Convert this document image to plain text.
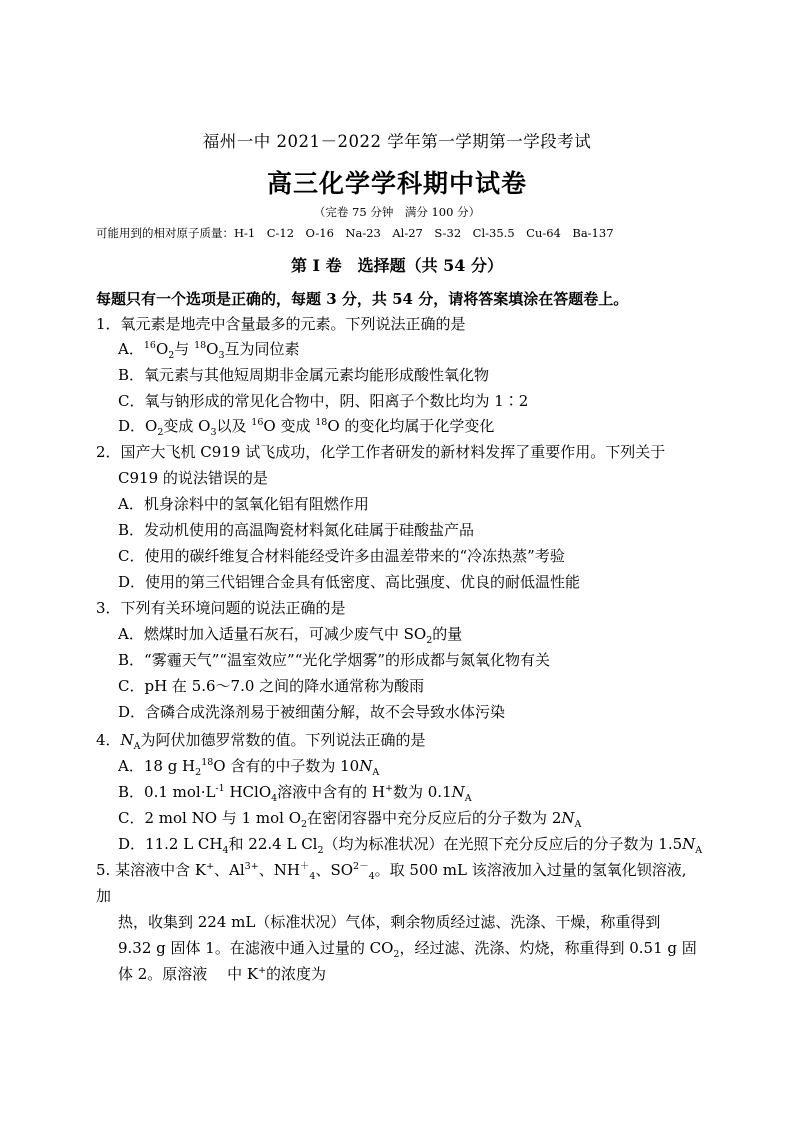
福州一中 2021－2022 学年第一学期第一学段考试
高三化学学科期中试卷
（完卷 75 分钟　满分 100 分）
可能用到的相对原子质量：H-1　C-12　O-16　Na-23　Al-27　S-32　Cl-35.5　Cu-64　Ba-137
第 I 卷　选择题（共 54 分）
每题只有一个选项是正确的，每题 3 分，共 54 分，请将答案填涂在答题卷上。
1．氧元素是地壳中含量最多的元素。下列说法正确的是
A．$^{16}O_2$与 $^{18}O_3$互为同位素
B．氧元素与其他短周期非金属元素均能形成酸性氧化物
C．氧与钠形成的常见化合物中，阴、阳离子个数比均为 1∶2
D．$O_2$变成 $O_3$以及 $^{16}$O 变成 $^{18}$O 的变化均属于化学变化
2．国产大飞机 C919 试飞成功，化学工作者研发的新材料发挥了重要作用。下列关于
C919 的说法错误的是
A．机身涂料中的氢氧化铝有阻燃作用
B．发动机使用的高温陶瓷材料氮化硅属于硅酸盐产品
C．使用的碳纤维复合材料能经受许多由温差带来的“冷冻热蒸”考验
D．使用的第三代铝锂合金具有低密度、高比强度、优良的耐低温性能
3．下列有关环境问题的说法正确的是
A．燃煤时加入适量石灰石，可减少废气中 $SO_2$的量
B．“雾霾天气”“温室效应”“光化学烟雾”的形成都与氮氧化物有关
C．pH 在 5.6～7.0 之间的降水通常称为酸雨
D．含磷合成洗涤剂易于被细菌分解，故不会导致水体污染
4．$N_A$为阿伏加德罗常数的值。下列说法正确的是
A．18 g $H_2^{18}O$ 含有的中子数为 $10N_A$
B．0.1 $mol\cdot L^{-1}$ HClO$_4$溶液中含有的 H+数为 $0.1N_A$
C．2 mol NO 与 1 mol $O_2$在密闭容器中充分反应后的分子数为 $2N_A$
D．11.2 L $CH_4$和 22.4 L $Cl_2$（均为标准状况）在光照下充分反应后的分子数为 $1.5N_A$
5. 某溶液中含 K+、$Al^{3+}$、$NH^+_4$、$SO^{2-}_4$。取 500 mL 该溶液加入过量的氢氧化钡溶液,
加
热，收集到 224 mL（标准状况）气体，剩余物质经过滤、洗涤、干燥，称重得到
9.32 g 固体 1。在滤液中通入过量的 $CO_2$，经过滤、洗涤、灼烧，称重得到 0.51 g 固
体 2。原溶液　 中 K+的浓度为
